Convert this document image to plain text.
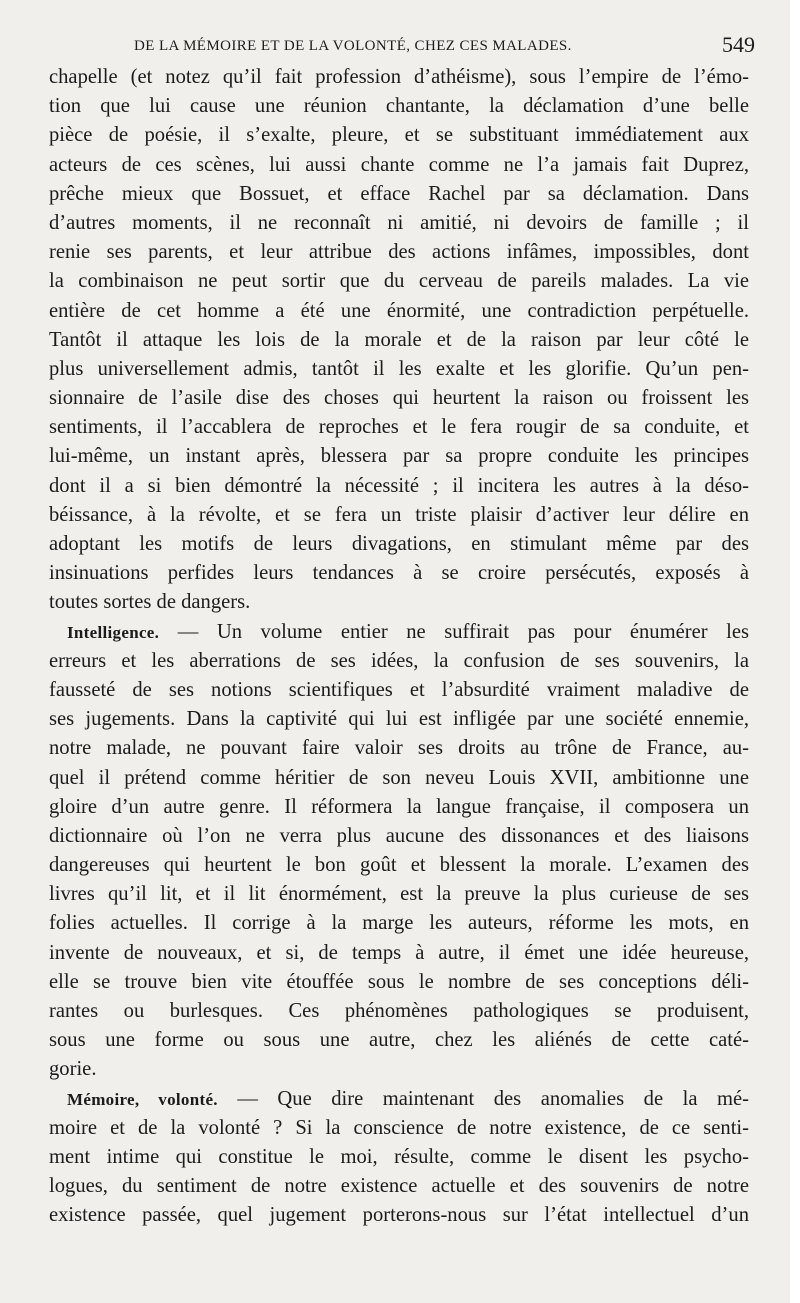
DE LA MÉMOIRE ET DE LA VOLONTÉ, CHEZ CES MALADES.	549
chapelle (et notez qu’il fait profession d’athéisme), sous l’empire de l’émo-
tion que lui cause une réunion chantante, la déclamation d’une belle
pièce de poésie, il s’exalte, pleure, et se substituant immédiatement aux
acteurs de ces scènes, lui aussi chante comme ne l’a jamais fait Duprez,
prêche mieux que Bossuet, et efface Rachel par sa déclamation. Dans
d’autres moments, il ne reconnaît ni amitié, ni devoirs de famille ; il
renie ses parents, et leur attribue des actions infâmes, impossibles, dont
la combinaison ne peut sortir que du cerveau de pareils malades. La vie
entière de cet homme a été une énormité, une contradiction perpétuelle.
Tantôt il attaque les lois de la morale et de la raison par leur côté le
plus universellement admis, tantôt il les exalte et les glorifie. Qu’un pen-
sionnaire de l’asile dise des choses qui heurtent la raison ou froissent les
sentiments, il l’accablera de reproches et le fera rougir de sa conduite, et
lui-même, un instant après, blessera par sa propre conduite les principes
dont il a si bien démontré la nécessité ; il incitera les autres à la déso-
béissance, à la révolte, et se fera un triste plaisir d’activer leur délire en
adoptant les motifs de leurs divagations, en stimulant même par des
insinuations perfides leurs tendances à se croire persécutés, exposés à
toutes sortes de dangers.
Intelligence. — Un volume entier ne suffirait pas pour énumérer les
erreurs et les aberrations de ses idées, la confusion de ses souvenirs, la
fausseté de ses notions scientifiques et l’absurdité vraiment maladive de
ses jugements. Dans la captivité qui lui est infligée par une société ennemie,
notre malade, ne pouvant faire valoir ses droits au trône de France, au-
quel il prétend comme héritier de son neveu Louis XVII, ambitionne une
gloire d’un autre genre. Il réformera la langue française, il composera un
dictionnaire où l’on ne verra plus aucune des dissonances et des liaisons
dangereuses qui heurtent le bon goût et blessent la morale. L’examen des
livres qu’il lit, et il lit énormément, est la preuve la plus curieuse de ses
folies actuelles. Il corrige à la marge les auteurs, réforme les mots, en
invente de nouveaux, et si, de temps à autre, il émet une idée heureuse,
elle se trouve bien vite étouffée sous le nombre de ses conceptions déli-
rantes ou burlesques. Ces phénomènes pathologiques se produisent,
sous une forme ou sous une autre, chez les aliénés de cette caté-
gorie.
Mémoire, volonté. — Que dire maintenant des anomalies de la mé-
moire et de la volonté ? Si la conscience de notre existence, de ce senti-
ment intime qui constitue le moi, résulte, comme le disent les psycho-
logues, du sentiment de notre existence actuelle et des souvenirs de notre
existence passée, quel jugement porterons-nous sur l’état intellectuel d’un
